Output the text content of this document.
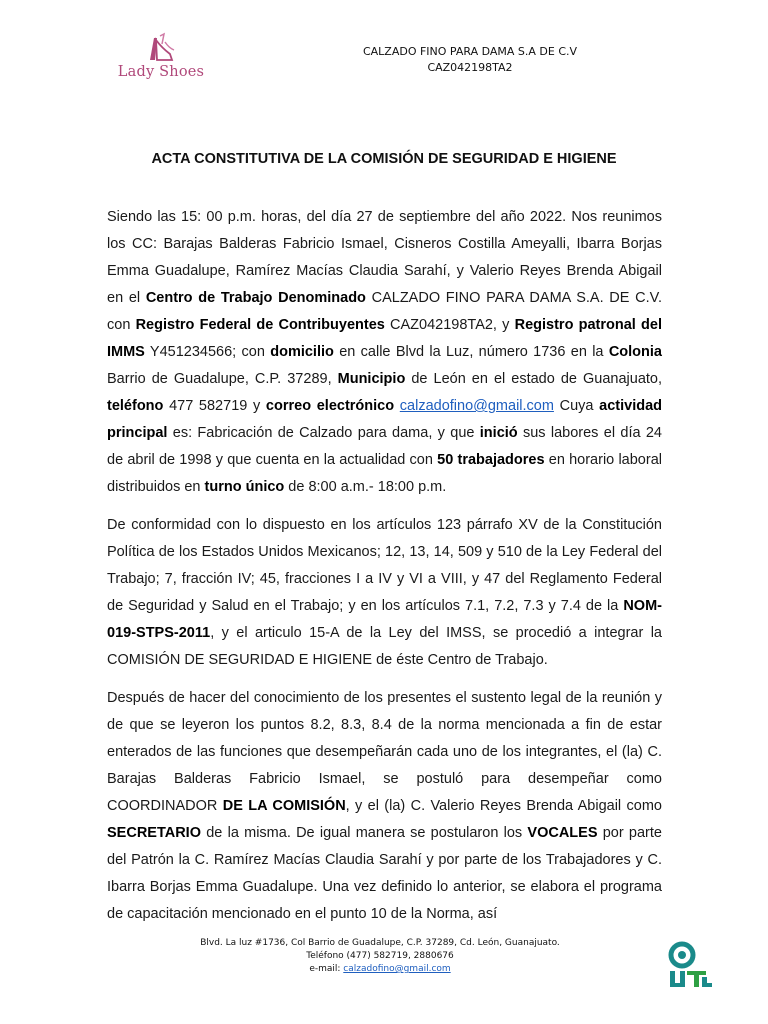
Lady Shoes
CALZADO FINO PARA DAMA S.A DE C.V
CAZ042198TA2
ACTA CONSTITUTIVA DE LA COMISIÓN DE SEGURIDAD E HIGIENE

Siendo las 15: 00 p.m. horas, del día 27 de septiembre del año 2022. Nos reunimos los CC: Barajas Balderas Fabricio Ismael, Cisneros Costilla Ameyalli, Ibarra Borjas Emma Guadalupe, Ramírez Macías Claudia Sarahí, y Valerio Reyes Brenda Abigail en el Centro de Trabajo Denominado CALZADO FINO PARA DAMA S.A. DE C.V. con Registro Federal de Contribuyentes CAZ042198TA2, y Registro patronal del IMMS Y451234566; con domicilio en calle Blvd la Luz, número 1736 en la Colonia Barrio de Guadalupe, C.P. 37289, Municipio de León en el estado de Guanajuato, teléfono 477 582719 y correo electrónico calzadofino@gmail.com Cuya actividad principal es: Fabricación de Calzado para dama, y que inició sus labores el día 24 de abril de 1998 y que cuenta en la actualidad con 50 trabajadores en horario laboral distribuidos en turno único de 8:00 a.m.- 18:00 p.m.

De conformidad con lo dispuesto en los artículos 123 párrafo XV de la Constitución Política de los Estados Unidos Mexicanos; 12, 13, 14, 509 y 510 de la Ley Federal del Trabajo; 7, fracción IV; 45, fracciones I a IV y VI a VIII, y 47 del Reglamento Federal de Seguridad y Salud en el Trabajo; y en los artículos 7.1, 7.2, 7.3 y 7.4 de la NOM-019-STPS-2011, y el articulo 15-A de la Ley del IMSS, se procedió a integrar la COMISIÓN DE SEGURIDAD E HIGIENE de éste Centro de Trabajo.

Después de hacer del conocimiento de los presentes el sustento legal de la reunión y de que se leyeron los puntos 8.2, 8.3, 8.4 de la norma mencionada a fin de estar enterados de las funciones que desempeñarán cada uno de los integrantes, el (la) C. Barajas Balderas Fabricio Ismael, se postuló para desempeñar como COORDINADOR DE LA COMISIÓN, y el (la) C. Valerio Reyes Brenda Abigail como SECRETARIO de la misma. De igual manera se postularon los VOCALES por parte del Patrón la C. Ramírez Macías Claudia Sarahí y por parte de los Trabajadores y C. Ibarra Borjas Emma Guadalupe. Una vez definido lo anterior, se elabora el programa de capacitación mencionado en el punto 10 de la Norma, así

Blvd. La luz #1736, Col Barrio de Guadalupe, C.P. 37289, Cd. León, Guanajuato.
Teléfono (477) 582719, 2880676
e-mail: calzadofino@gmail.com
